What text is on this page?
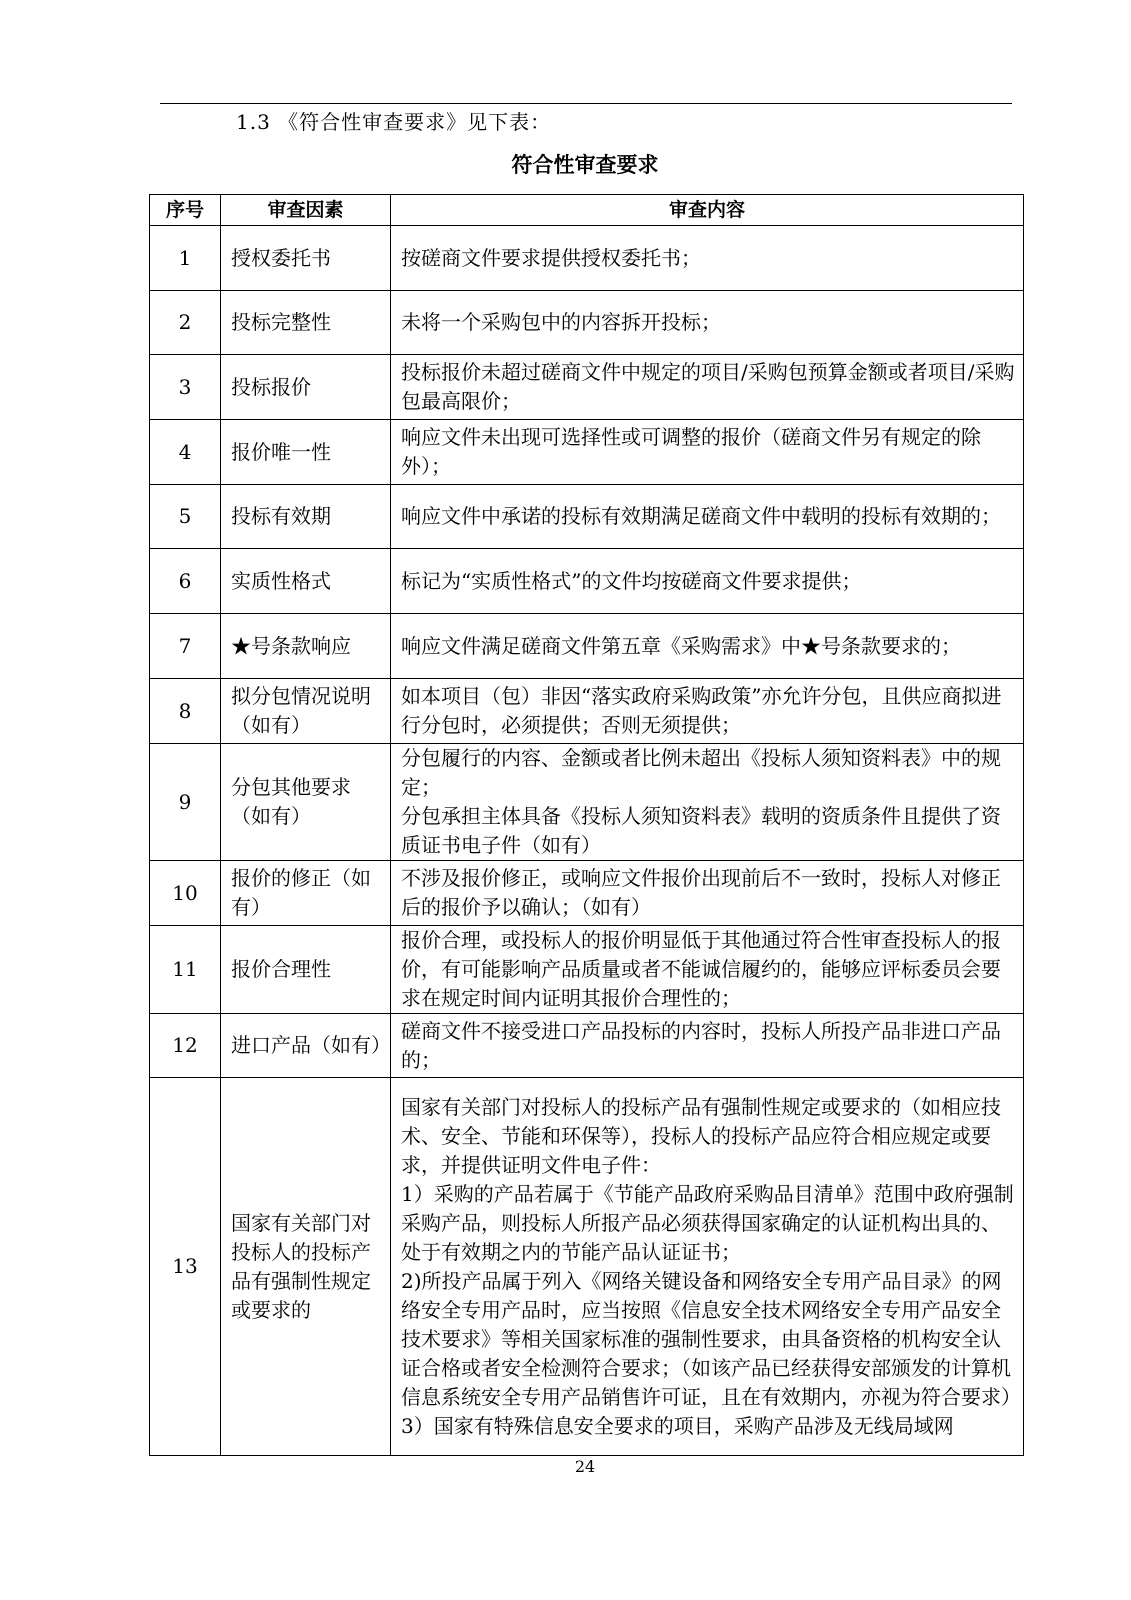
1.3 《符合性审查要求》见下表：
符合性审查要求
序号	审查因素	审查内容
1	授权委托书	按磋商文件要求提供授权委托书；
2	投标完整性	未将一个采购包中的内容拆开投标；
3	投标报价	投标报价未超过磋商文件中规定的项目/采购包预算金额或者项目/采购包最高限价；
4	报价唯一性	响应文件未出现可选择性或可调整的报价（磋商文件另有规定的除外）；
5	投标有效期	响应文件中承诺的投标有效期满足磋商文件中载明的投标有效期的；
6	实质性格式	标记为“实质性格式”的文件均按磋商文件要求提供；
7	★号条款响应	响应文件满足磋商文件第五章《采购需求》中★号条款要求的；
8	拟分包情况说明（如有）	如本项目（包）非因“落实政府采购政策”亦允许分包，且供应商拟进行分包时，必须提供；否则无须提供；
9	分包其他要求（如有）	分包履行的内容、金额或者比例未超出《投标人须知资料表》中的规定；
分包承担主体具备《投标人须知资料表》载明的资质条件且提供了资质证书电子件（如有）

10	报价的修正（如有）	不涉及报价修正，或响应文件报价出现前后不一致时，投标人对修正后的报价予以确认；（如有）
11	报价合理性	报价合理，或投标人的报价明显低于其他通过符合性审查投标人的报价，有可能影响产品质量或者不能诚信履约的，能够应评标委员会要求在规定时间内证明其报价合理性的；
12	进口产品（如有）	磋商文件不接受进口产品投标的内容时，投标人所投产品非进口产品的；
13	国家有关部门对投标人的投标产品有强制性规定或要求的	国家有关部门对投标人的投标产品有强制性规定或要求的（如相应技术、安全、节能和环保等），投标人的投标产品应符合相应规定或要求，并提供证明文件电子件：
1）采购的产品若属于《节能产品政府采购品目清单》范围中政府强制采购产品，则投标人所报产品必须获得国家确定的认证机构出具的、处于有效期之内的节能产品认证证书；
2)所投产品属于列入《网络关键设备和网络安全专用产品目录》的网络安全专用产品时，应当按照《信息安全技术网络安全专用产品安全技术要求》等相关国家标准的强制性要求，由具备资格的机构安全认证合格或者安全检测符合要求；（如该产品已经获得安部颁发的计算机信息系统安全专用产品销售许可证，且在有效期内，亦视为符合要求）
3）国家有特殊信息安全要求的项目，采购产品涉及无线局域网
24
